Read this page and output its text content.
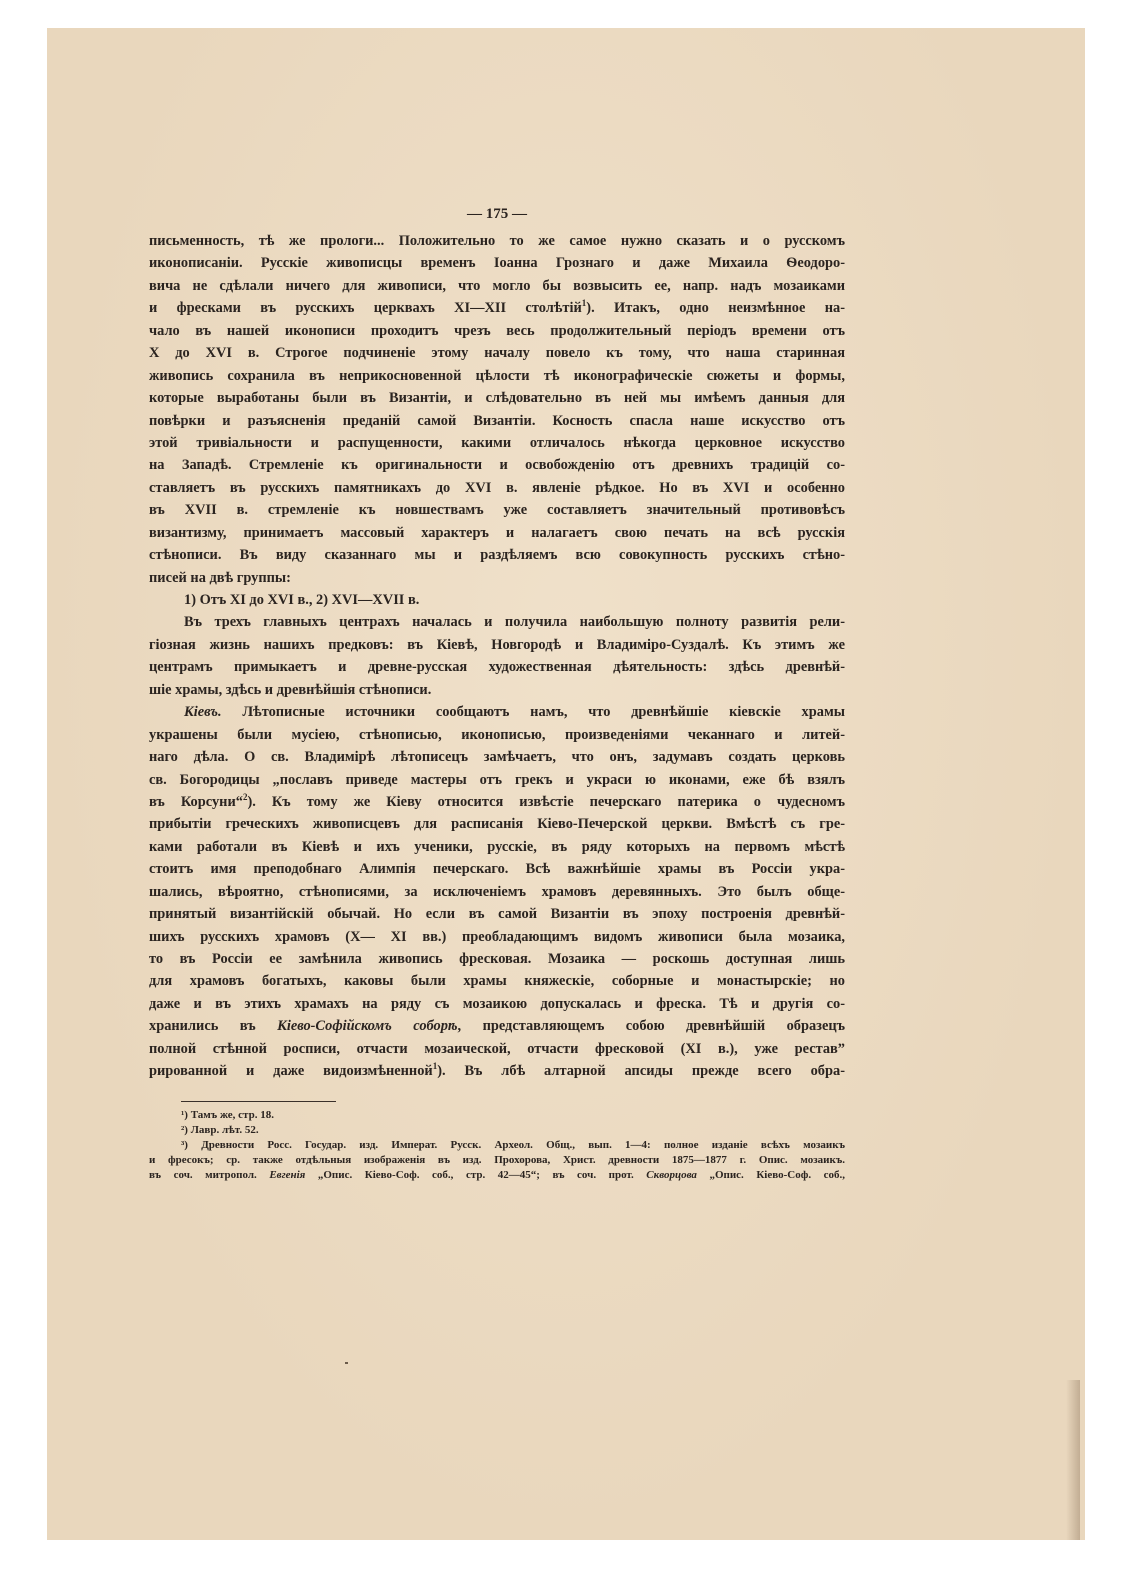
— 175 —
письменность, тѣ же прологи... Положительно то же самое нужно сказать и о русскомъ
иконописаніи. Русскіе живописцы временъ Іоанна Грознаго и даже Михаила Ѳеодоро-
вича не сдѣлали ничего для живописи, что могло бы возвысить ее, напр. надъ мозаиками
и фресками въ русскихъ церквахъ XI—XII столѣтій$^1$). Итакъ, одно неизмѣнное на-
чало въ нашей иконописи проходитъ чрезъ весь продолжительный періодъ времени отъ
X до XVI в. Строгое подчиненіе этому началу повело къ тому, что наша старинная
живопись сохранила въ неприкосновенной цѣлости тѣ иконографическіе сюжеты и формы,
которые выработаны были въ Византіи, и слѣдовательно въ ней мы имѣемъ данныя для
повѣрки и разъясненія преданій самой Византіи. Косность спасла наше искусство отъ
этой тривіальности и распущенности, какими отличалось нѣкогда церковное искусство
на Западѣ. Стремленіе къ оригинальности и освобожденію отъ древнихъ традицій со-
ставляетъ въ русскихъ памятникахъ до XVI в. явленіе рѣдкое. Но въ XVI и особенно
въ XVII в. стремленіе къ новшествамъ уже составляетъ значительный противовѣсъ
византизму, принимаетъ массовый характеръ и налагаетъ свою печать на всѣ русскія
стѣнописи. Въ виду сказаннаго мы и раздѣляемъ всю совокупность русскихъ стѣно-
писей на двѣ группы:
1) Отъ XI до XVI в., 2) XVI—XVII в.
Въ трехъ главныхъ центрахъ началась и получила наибольшую полноту развитія рели-
гіозная жизнь нашихъ предковъ: въ Кіевѣ, Новгородѣ и Владиміро-Суздалѣ. Къ этимъ же
центрамъ примыкаетъ и древне-русская художественная дѣятельность: здѣсь древнѣй-
шіе храмы, здѣсь и древнѣйшія стѣнописи.
Кіевъ. Лѣтописные источники сообщаютъ намъ, что древнѣйшіе кіевскіе храмы
украшены были мусіею, стѣнописью, иконописью, произведеніями чеканнаго и литей-
наго дѣла. О св. Владимірѣ лѣтописецъ замѣчаетъ, что онъ, задумавъ создать церковь
св. Богородицы „пославъ приведе мастеры отъ грекъ и украси ю иконами, еже бѣ взялъ
въ Корсуни“$^2$). Къ тому же Кіеву относится извѣстіе печерскаго патерика о чудесномъ
прибытіи греческихъ живописцевъ для расписанія Кіево-Печерской церкви. Вмѣстѣ съ гре-
ками работали въ Кіевѣ и ихъ ученики, русскіе, въ ряду которыхъ на первомъ мѣстѣ
стоитъ имя преподобнаго Алимпія печерскаго. Всѣ важнѣйшіе храмы въ Россіи укра-
шались, вѣроятно, стѣнописями, за исключеніемъ храмовъ деревянныхъ. Это былъ обще-
принятый византійскій обычай. Но если въ самой Византіи въ эпоху построенія древнѣй-
шихъ русскихъ храмовъ (X— XI вв.) преобладающимъ видомъ живописи была мозаика,
то въ Россіи ее замѣнила живопись фресковая. Мозаика — роскошь доступная лишь
для храмовъ богатыхъ, каковы были храмы княжескіе, соборные и монастырскіе; но
даже и въ этихъ храмахъ на ряду съ мозаикою допускалась и фреска. Тѣ и другія со-
хранились въ Кіево-Софійскомъ соборѣ, представляющемъ собою древнѣйшій образецъ
полной стѣнной росписи, отчасти мозаической, отчасти фресковой (XI в.), уже рестав”
рированной и даже видоизмѣненной$^1$). Въ лбѣ алтарной апсиды прежде всего обра-
¹) Тамъ же, стр. 18.
²) Лавр. лѣт. 52.
³) Древности Росс. Государ. изд. Императ. Русск. Археол. Общ., вып. 1—4: полное изданіе всѣхъ мозаикъ
и фресокъ; ср. также отдѣльныя изображенія въ изд. Прохорова, Христ. древности 1875—1877 г. Опис. мозаикъ.
въ соч. митропол. Евгенія „Опис. Кіево-Соф. соб., стр. 42—45“; въ соч. прот. Скворцова „Опис. Кіево-Соф. соб.,
